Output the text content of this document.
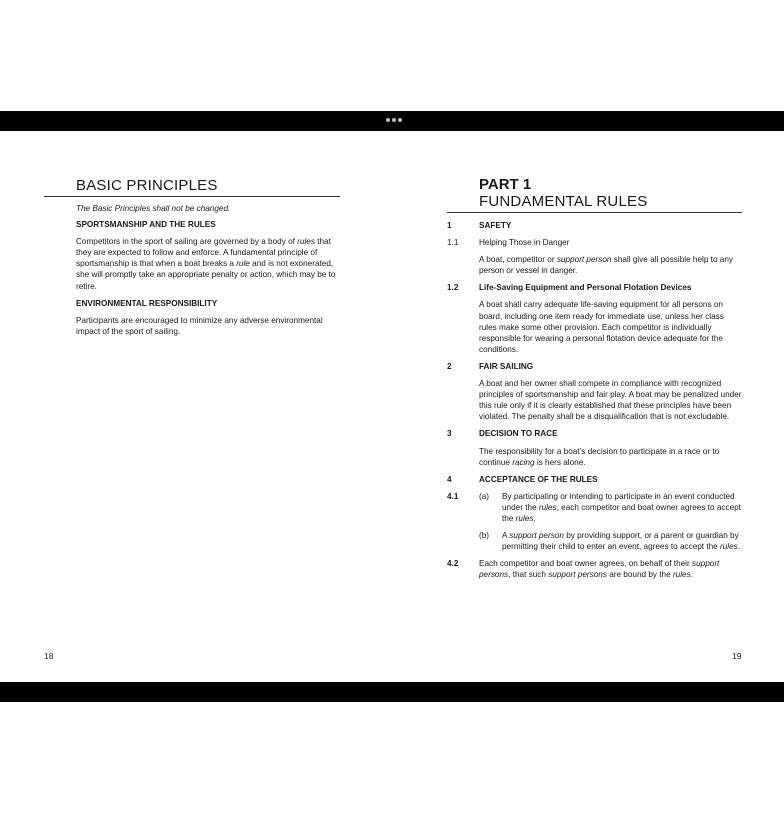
BASIC PRINCIPLES

The Basic Principles shall not be changed.

SPORTSMANSHIP AND THE RULES

Competitors in the sport of sailing are governed by a body of rules that they are expected to follow and enforce. A fundamental principle of sportsmanship is that when a boat breaks a rule and is not exonerated, she will promptly take an appropriate penalty or action, which may be to retire.

ENVIRONMENTAL RESPONSIBILITY

Participants are encouraged to minimize any adverse environmental impact of the sport of sailing.

PART 1
FUNDAMENTAL RULES
1	SAFETY
1.1	Helping Those in Danger
A boat, competitor or support person shall give all possible help to any person or vessel in danger.
1.2	Life-Saving Equipment and Personal Flotation Devices
A boat shall carry adequate life-saving equipment for all persons on board, including one item ready for immediate use, unless her class rules make some other provision. Each competitor is individually responsible for wearing a personal flotation device adequate for the conditions.
2	FAIR SAILING
A boat and her owner shall compete in compliance with recognized principles of sportsmanship and fair play. A boat may be penalized under this rule only if it is clearly established that these principles have been violated. The penalty shall be a disqualification that is not excludable.
3	DECISION TO RACE
The responsibility for a boat’s decision to participate in a race or to continue racing is hers alone.
4	ACCEPTANCE OF THE RULES
4.1	(a)	By participating or intending to participate in an event conducted under the rules, each competitor and boat owner agrees to accept the rules.
(b)	A support person by providing support, or a parent or guardian by permitting their child to enter an event, agrees to accept the rules.
4.2	Each competitor and boat owner agrees, on behalf of their support persons, that such support persons are bound by the rules.
18	19
